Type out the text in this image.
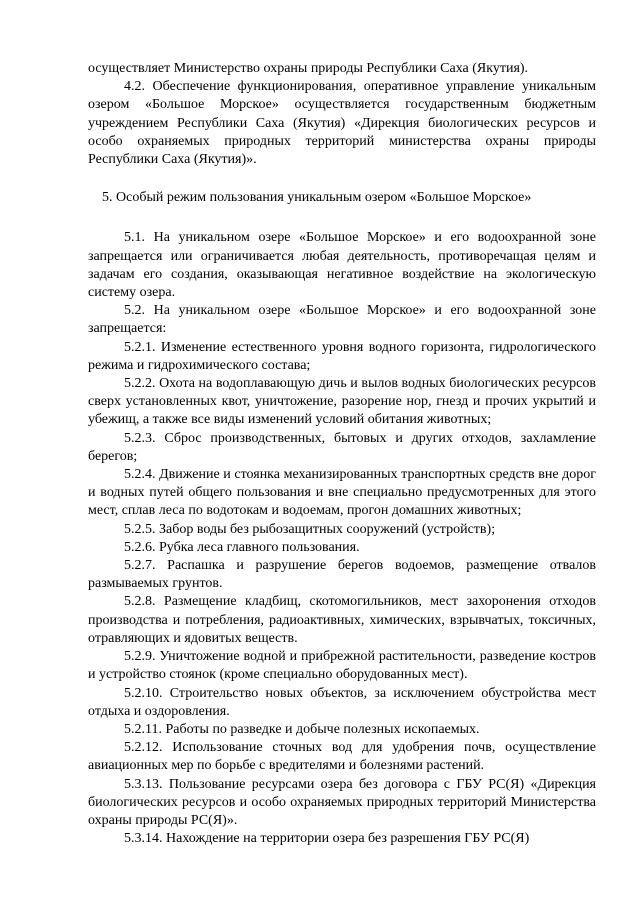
осуществляет Министерство охраны природы Республики Саха (Якутия).

4.2. Обеспечение функционирования, оперативное управление уникальным озером «Большое Морское» осуществляется государственным бюджетным учреждением Республики Саха (Якутия) «Дирекция биологических ресурсов и особо охраняемых природных территорий министерства охраны природы Республики Саха (Якутия)».

5. Особый режим пользования уникальным озером «Большое Морское»

5.1. На уникальном озере «Большое Морское» и его водоохранной зоне запрещается или ограничивается любая деятельность, противоречащая целям и задачам его создания, оказывающая негативное воздействие на экологическую систему озера.

5.2. На уникальном озере «Большое Морское» и его водоохранной зоне запрещается:

5.2.1. Изменение естественного уровня водного горизонта, гидрологического режима и гидрохимического состава;

5.2.2. Охота на водоплавающую дичь и вылов водных биологических ресурсов сверх установленных квот, уничтожение, разорение нор, гнезд и прочих укрытий и убежищ, а также все виды изменений условий обитания животных;

5.2.3. Сброс производственных, бытовых и других отходов, захламление берегов;

5.2.4. Движение и стоянка механизированных транспортных средств вне дорог и водных путей общего пользования и вне специально предусмотренных для этого мест, сплав леса по водотокам и водоемам, прогон домашних животных;

5.2.5. Забор воды без рыбозащитных сооружений (устройств);

5.2.6. Рубка леса главного пользования.

5.2.7. Распашка и разрушение берегов водоемов, размещение отвалов размываемых грунтов.

5.2.8. Размещение кладбищ, скотомогильников, мест захоронения отходов производства и потребления, радиоактивных, химических, взрывчатых, токсичных, отравляющих и ядовитых веществ.

5.2.9. Уничтожение водной и прибрежной растительности, разведение костров и устройство стоянок (кроме специально оборудованных мест).

5.2.10. Строительство новых объектов, за исключением обустройства мест отдыха и оздоровления.

5.2.11. Работы по разведке и добыче полезных ископаемых.

5.2.12. Использование сточных вод для удобрения почв, осуществление авиационных мер по борьбе с вредителями и болезнями растений.

5.3.13. Пользование ресурсами озера без договора с ГБУ РС(Я) «Дирекция биологических ресурсов и особо охраняемых природных территорий Министерства охраны природы РС(Я)».

5.3.14. Нахождение на территории озера без разрешения ГБУ РС(Я)
